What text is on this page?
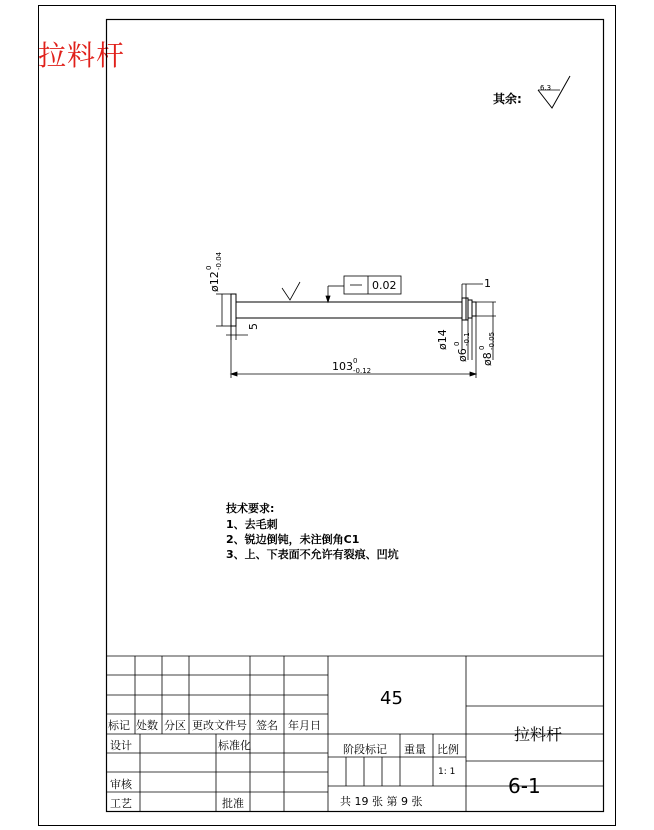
拉料杆
ø12
0 -0.04
5
0.02	1
ø14
ø6
0 -0.1
ø8
0 -0.05
103 0
-0.12
其余:
6.3
技术要求:
1、去毛刺
2、锐边倒钝，未注倒角C1
3、上、下表面不允许有裂痕、凹坑
标记 处数 分区 更改文件号 签名 年月日
设计	标准化
审核
工艺	批准
阶段标记 重量 比例
1: 1
45
拉料杆
6-1
共 19 张 第 9 张
